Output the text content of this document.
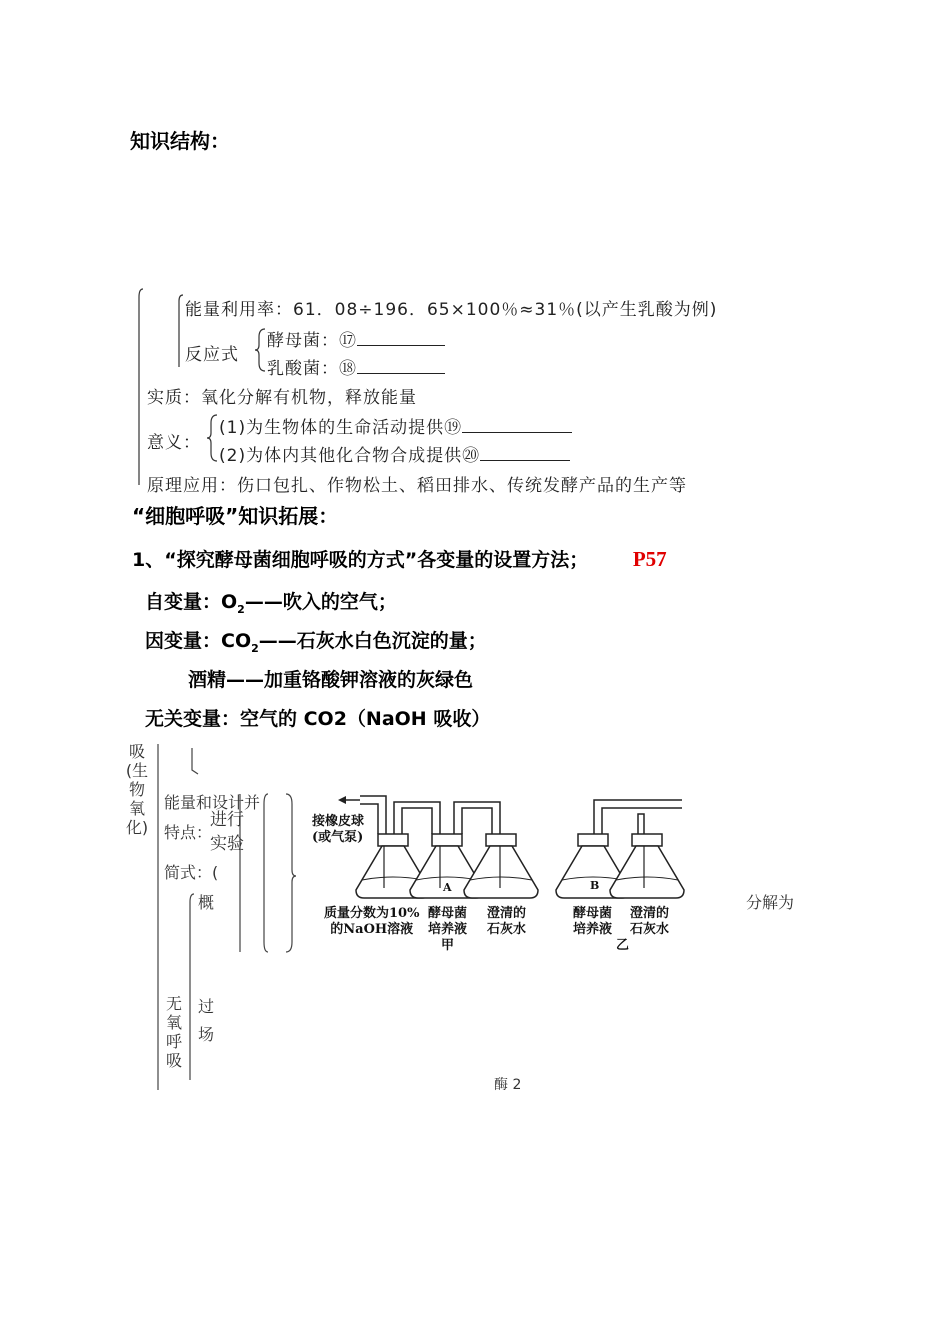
知识结构：
能量利用率：61．08÷196．65×100％≈31％(以产生乳酸为例)
反应式
酵母菌：⑰
乳酸菌：⑱
实质：氧化分解有机物，释放能量
意义：
(1)为生物体的生命活动提供⑲
(2)为体内其他化合物合成提供⑳
原理应用：伤口包扎、作物松土、稻田排水、传统发酵产品的生产等
“细胞呼吸”知识拓展：
1、“探究酵母菌细胞呼吸的方式”各变量的设置方法； P57
自变量：$O_2——$吹入的空气；
因变量：$CO_2——$石灰水白色沉淀的量；
酒精——加重铬酸钾溶液的灰绿色
无关变量：空气的 CO2（NaOH 吸收）
吸
(生
物
氧
化)
能量和设计并
特点：
简式：(
概
无
氧
呼
吸
过
场
进行
实验
分解为
酶 2
A	B
接橡皮球
(或气泵)
质量分数为10%
的NaOH溶液
酵母菌
培养液
甲
澄清的
石灰水
酵母菌
培养液
澄清的
石灰水
乙
